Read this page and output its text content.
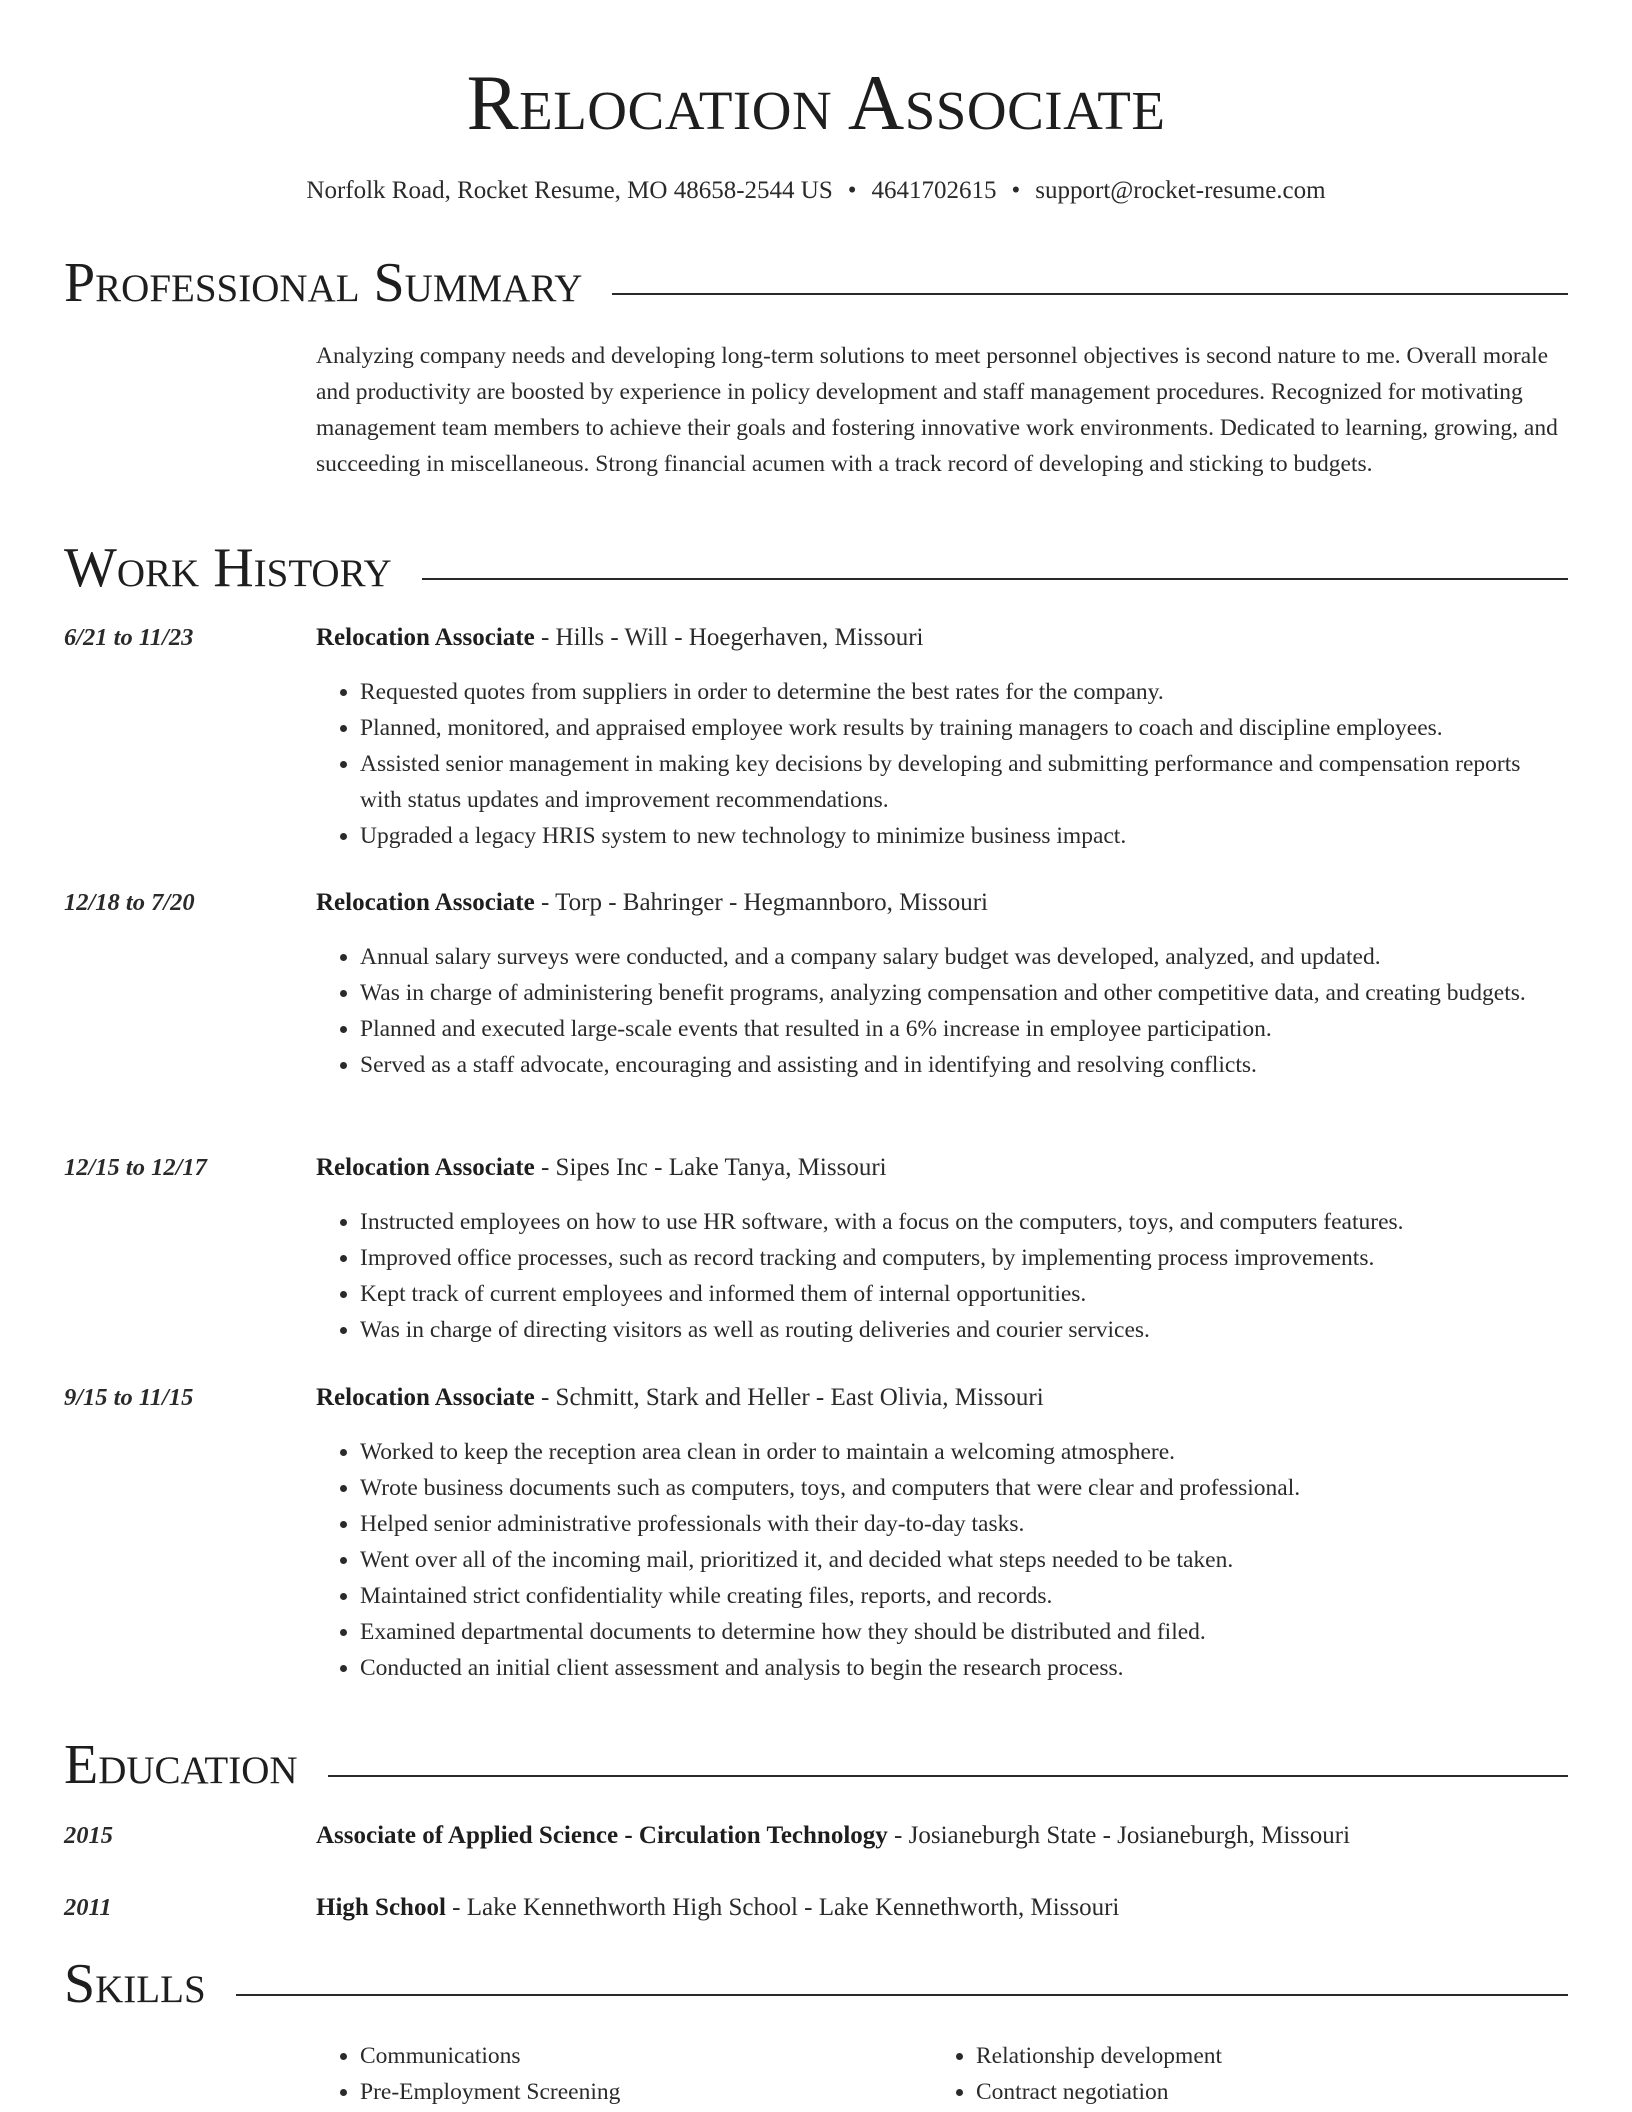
Relocation Associate
Norfolk Road, Rocket Resume, MO 48658-2544 US • 4641702615 • support@rocket-resume.com
Professional Summary
Analyzing company needs and developing long-term solutions to meet personnel objectives is second nature to me. Overall morale and productivity are boosted by experience in policy development and staff management procedures. Recognized for motivating management team members to achieve their goals and fostering innovative work environments. Dedicated to learning, growing, and succeeding in miscellaneous. Strong financial acumen with a track record of developing and sticking to budgets.
Work History
6/21 to 11/23	Relocation Associate - Hills - Will - Hoegerhaven, Missouri
• Requested quotes from suppliers in order to determine the best rates for the company.
• Planned, monitored, and appraised employee work results by training managers to coach and discipline employees.
• Assisted senior management in making key decisions by developing and submitting performance and compensation reports with status updates and improvement recommendations.
• Upgraded a legacy HRIS system to new technology to minimize business impact.
12/18 to 7/20	Relocation Associate - Torp - Bahringer - Hegmannboro, Missouri
• Annual salary surveys were conducted, and a company salary budget was developed, analyzed, and updated.
• Was in charge of administering benefit programs, analyzing compensation and other competitive data, and creating budgets.
• Planned and executed large-scale events that resulted in a 6% increase in employee participation.
• Served as a staff advocate, encouraging and assisting and in identifying and resolving conflicts.
12/15 to 12/17	Relocation Associate - Sipes Inc - Lake Tanya, Missouri
• Instructed employees on how to use HR software, with a focus on the computers, toys, and computers features.
• Improved office processes, such as record tracking and computers, by implementing process improvements.
• Kept track of current employees and informed them of internal opportunities.
• Was in charge of directing visitors as well as routing deliveries and courier services.
9/15 to 11/15	Relocation Associate - Schmitt, Stark and Heller - East Olivia, Missouri
• Worked to keep the reception area clean in order to maintain a welcoming atmosphere.
• Wrote business documents such as computers, toys, and computers that were clear and professional.
• Helped senior administrative professionals with their day-to-day tasks.
• Went over all of the incoming mail, prioritized it, and decided what steps needed to be taken.
• Maintained strict confidentiality while creating files, reports, and records.
• Examined departmental documents to determine how they should be distributed and filed.
• Conducted an initial client assessment and analysis to begin the research process.
Education
2015	Associate of Applied Science - Circulation Technology - Josianeburgh State - Josianeburgh, Missouri
2011	High School - Lake Kennethworth High School - Lake Kennethworth, Missouri
Skills
• Communications
• Pre-Employment Screening
• Relationship development
• Contract negotiation
